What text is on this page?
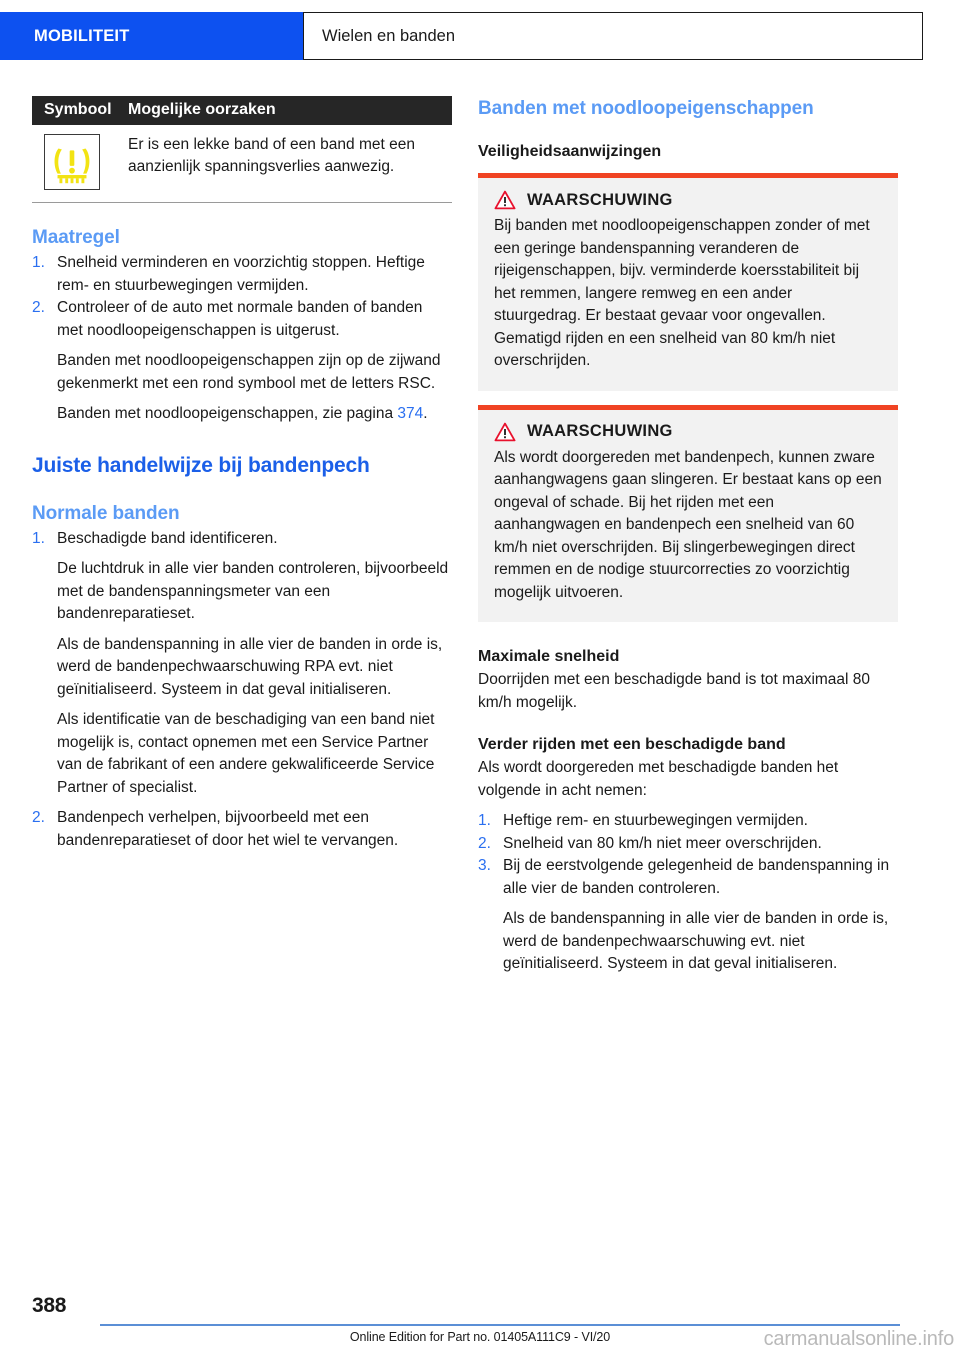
MOBILITEIT	Wielen en banden
Symbool	Mogelijke oorzaken
Er is een lekke band of een band met een aanzienlijk spanningsverlies aanwezig.
Maatregel
1. Snelheid verminderen en voorzichtig stoppen. Heftige rem- en stuurbewegingen vermijden.
2. Controleer of de auto met normale banden of banden met noodloopeigenschappen is uitgerust.

Banden met noodloopeigenschappen zijn op de zijwand gekenmerkt met een rond symbool met de letters RSC.

Banden met noodloopeigenschappen, zie pagina 374.

Juiste handelwijze bij bandenpech
Normale banden
1. Beschadigde band identificeren.

De luchtdruk in alle vier banden controleren, bijvoorbeeld met de bandenspanningsmeter van een bandenreparatieset.

Als de bandenspanning in alle vier de banden in orde is, werd de bandenpechwaarschuwing RPA evt. niet geïnitialiseerd. Systeem in dat geval initialiseren.

Als identificatie van de beschadiging van een band niet mogelijk is, contact opnemen met een Service Partner van de fabrikant of een andere gekwalificeerde Service Partner of specialist.

2. Bandenpech verhelpen, bijvoorbeeld met een bandenreparatieset of door het wiel te vervangen.
Banden met noodloopeigenschappen
Veiligheidsaanwijzingen
WAARSCHUWING
Bij banden met noodloopeigenschappen zonder of met een geringe bandenspanning veranderen de rijeigenschappen, bijv. verminderde koersstabiliteit bij het remmen, langere remweg en een ander stuurgedrag. Er bestaat gevaar voor ongevallen. Gematigd rijden en een snelheid van 80 km/h niet overschrijden.
WAARSCHUWING
Als wordt doorgereden met bandenpech, kunnen zware aanhangwagens gaan slingeren. Er bestaat kans op een ongeval of schade. Bij het rijden met een aanhangwagen en bandenpech een snelheid van 60 km/h niet overschrijden. Bij slingerbewegingen direct remmen en de nodige stuurcorrecties zo voorzichtig mogelijk uitvoeren.
Maximale snelheid

Doorrijden met een beschadigde band is tot maximaal 80 km/h mogelijk.

Verder rijden met een beschadigde band

Als wordt doorgereden met beschadigde banden het volgende in acht nemen:

1. Heftige rem- en stuurbewegingen vermijden.
2. Snelheid van 80 km/h niet meer overschrijden.
3. Bij de eerstvolgende gelegenheid de bandenspanning in alle vier de banden controleren.

Als de bandenspanning in alle vier de banden in orde is, werd de bandenpechwaarschuwing evt. niet geïnitialiseerd. Systeem in dat geval initialiseren.

388
Online Edition for Part no. 01405A111C9 - VI/20	carmanualsonline.info
